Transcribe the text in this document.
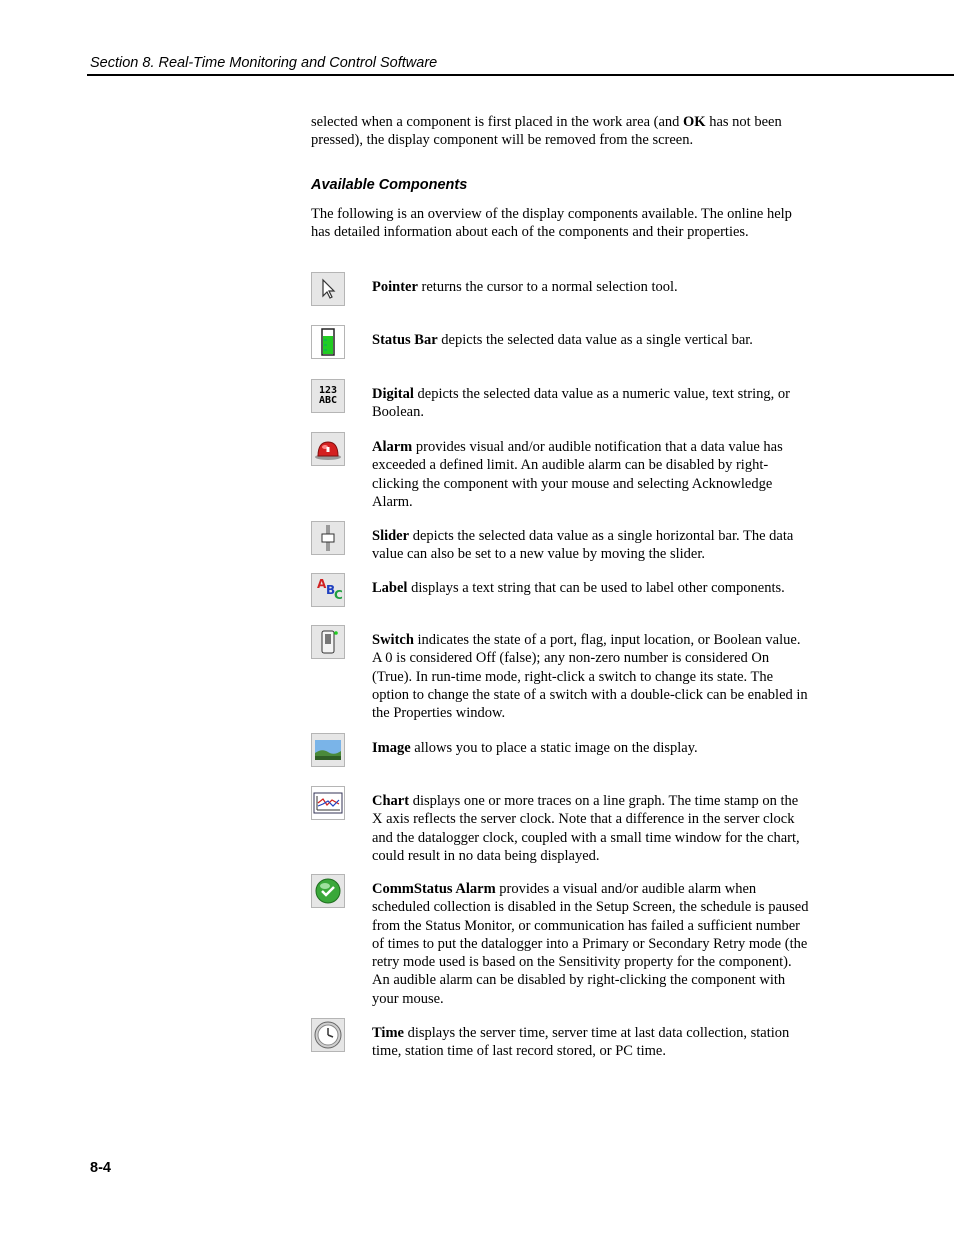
Section 8. Real-Time Monitoring and Control Software

selected when a component is first placed in the work area (and OK has not been pressed), the display component will be removed from the screen.

Available Components

The following is an overview of the display components available. The online help has detailed information about each of the components and their properties.

Pointer returns the cursor to a normal selection tool.
Status Bar depicts the selected data value as a single vertical bar.
123
ABC Digital depicts the selected data value as a numeric value, text string, or Boolean.
Alarm provides visual and/or audible notification that a data value has exceeded a defined limit. An audible alarm can be disabled by right-clicking the component with your mouse and selecting Acknowledge Alarm.
Slider depicts the selected data value as a single horizontal bar. The data value can also be set to a new value by moving the slider.
A B
C Label displays a text string that can be used to label other components.
Switch indicates the state of a port, flag, input location, or Boolean value. A 0 is considered Off (false); any non-zero number is considered On (True). In run-time mode, right-click a switch to change its state. The option to change the state of a switch with a double-click can be enabled in the Properties window.
Image allows you to place a static image on the display.
Chart displays one or more traces on a line graph. The time stamp on the X axis reflects the server clock. Note that a difference in the server clock and the datalogger clock, coupled with a small time window for the chart, could result in no data being displayed.
CommStatus Alarm provides a visual and/or audible alarm when scheduled collection is disabled in the Setup Screen, the schedule is paused from the Status Monitor, or communication has failed a sufficient number of times to put the datalogger into a Primary or Secondary Retry mode (the retry mode used is based on the Sensitivity property for the component). An audible alarm can be disabled by right-clicking the component with your mouse.
Time displays the server time, server time at last data collection, station time, station time of last record stored, or PC time.
8-4
